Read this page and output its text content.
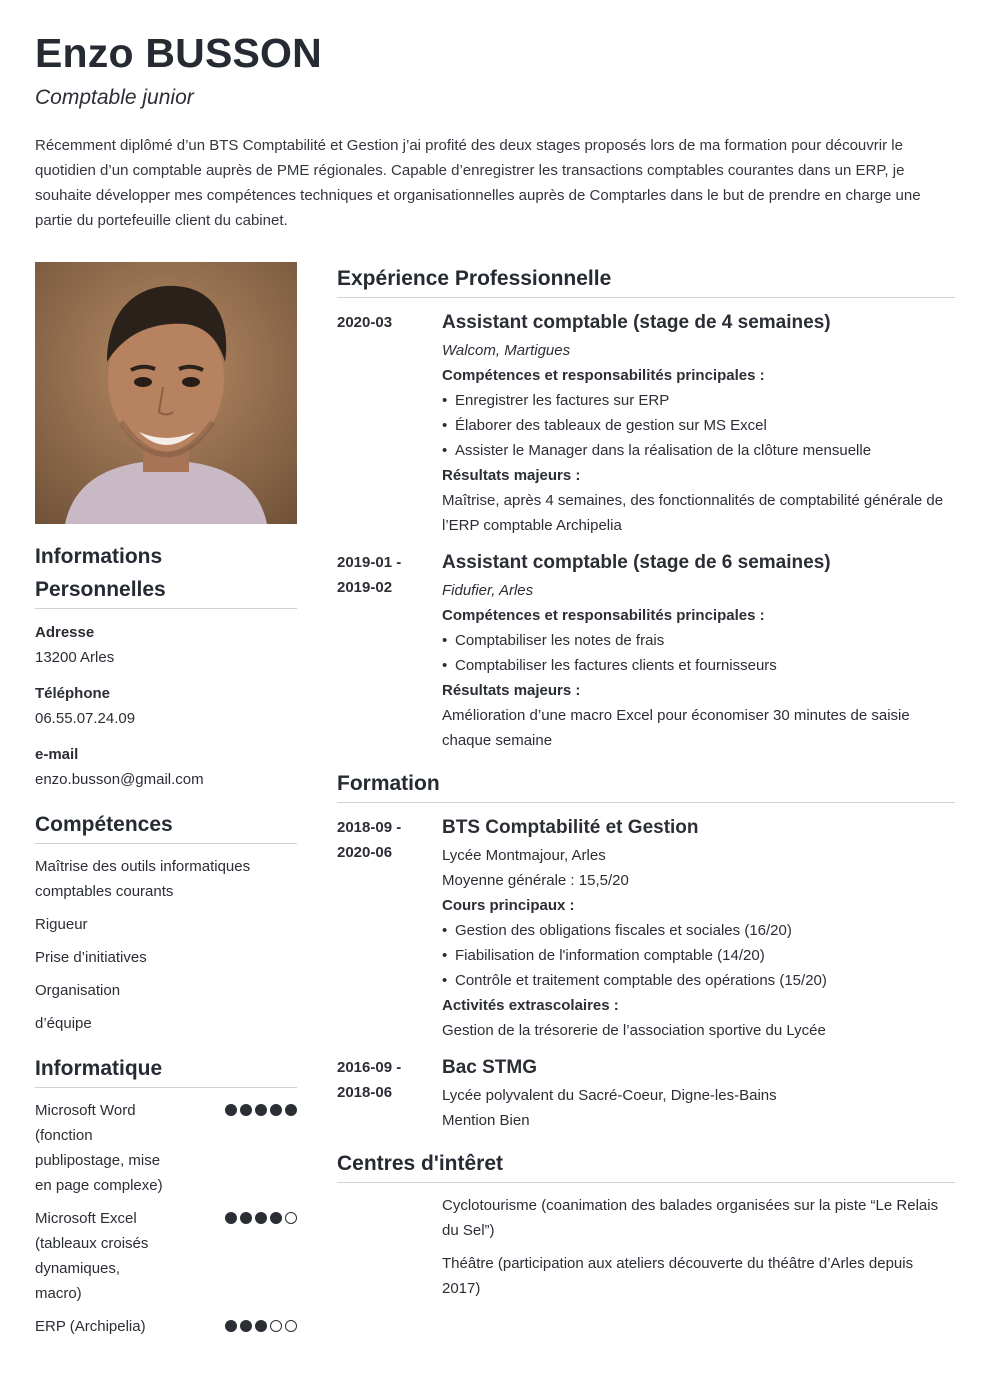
Enzo BUSSON
Comptable junior

Récemment diplômé d’un BTS Comptabilité et Gestion j’ai profité des deux stages proposés lors de ma formation pour découvrir le quotidien d’un comptable auprès de PME régionales. Capable d’enregistrer les transactions comptables courantes dans un ERP, je souhaite développer mes compétences techniques et organisationnelles auprès de Comptarles dans le but de prendre en charge une partie du portefeuille client du cabinet.

Informations Personnelles
Adresse
13200 Arles
Téléphone
06.55.07.24.09
e-mail
enzo.busson@gmail.com
Compétences
Maîtrise des outils informatiques comptables courants
Rigueur
Prise d’initiatives
Organisation
d’équipe
Informatique
Microsoft Word (fonction publipostage, mise en page complexe)
Microsoft Excel (tableaux croisés dynamiques, macro)
ERP (Archipelia)
Expérience Professionnelle
2020-03	Assistant comptable (stage de 4 semaines)
Walcom, Martigues
Compétences et responsabilités principales :
• Enregistrer les factures sur ERP
• Élaborer des tableaux de gestion sur MS Excel
• Assister le Manager dans la réalisation de la clôture mensuelle
Résultats majeurs :
Maîtrise, après 4 semaines, des fonctionnalités de comptabilité générale de l’ERP comptable Archipelia
2019-01 - 2019-02
Assistant comptable (stage de 6 semaines)
Fidufier, Arles
Compétences et responsabilités principales :
• Comptabiliser les notes de frais
• Comptabiliser les factures clients et fournisseurs
Résultats majeurs :
Amélioration d’une macro Excel pour économiser 30 minutes de saisie chaque semaine
Formation
2018-09 - 2020-06
BTS Comptabilité et Gestion
Lycée Montmajour, Arles
Moyenne générale : 15,5/20
Cours principaux :
• Gestion des obligations fiscales et sociales (16/20)
• Fiabilisation de l'information comptable (14/20)
• Contrôle et traitement comptable des opérations (15/20)
Activités extrascolaires :
Gestion de la trésorerie de l’association sportive du Lycée
2016-09 - 2018-06
Bac STMG
Lycée polyvalent du Sacré-Coeur, Digne-les-Bains
Mention Bien
Centres d'intêret
Cyclotourisme (coanimation des balades organisées sur la piste “Le Relais du Sel”)
Théâtre (participation aux ateliers découverte du théâtre d’Arles depuis 2017)
